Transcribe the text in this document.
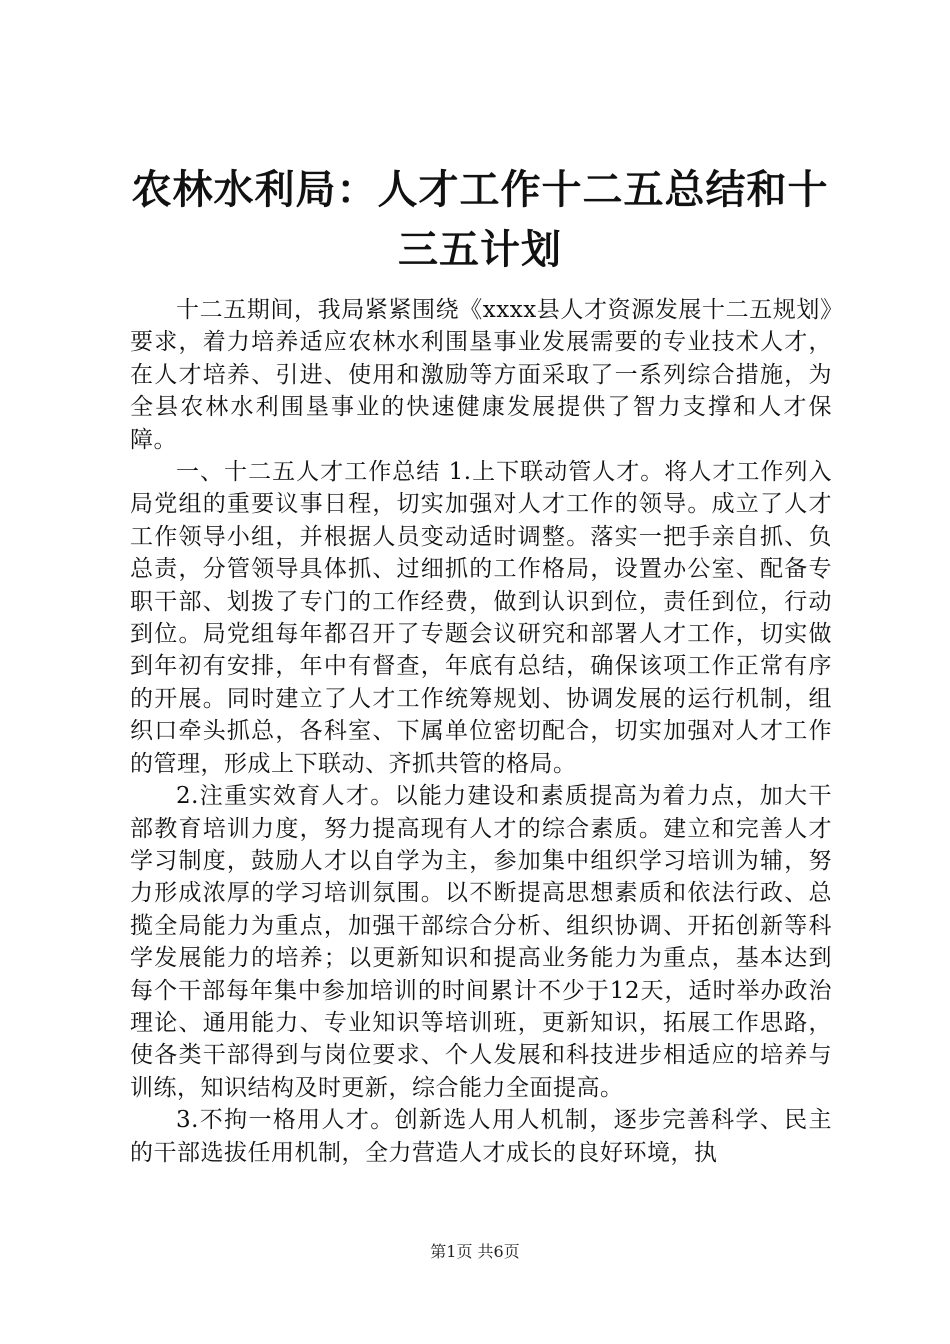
农林水利局：人才工作十二五总结和十三五计划

十二五期间，我局紧紧围绕《xxxx县人才资源发展十二五规划》要求，着力培养适应农林水利围垦事业发展需要的专业技术人才，在人才培养、引进、使用和激励等方面采取了一系列综合措施，为全县农林水利围垦事业的快速健康发展提供了智力支撑和人才保障。

一、十二五人才工作总结 1.上下联动管人才。将人才工作列入局党组的重要议事日程，切实加强对人才工作的领导。成立了人才工作领导小组，并根据人员变动适时调整。落实一把手亲自抓、负总责，分管领导具体抓、过细抓的工作格局，设置办公室、配备专职干部、划拨了专门的工作经费，做到认识到位，责任到位，行动到位。局党组每年都召开了专题会议研究和部署人才工作，切实做到年初有安排，年中有督查，年底有总结，确保该项工作正常有序的开展。同时建立了人才工作统筹规划、协调发展的运行机制，组织口牵头抓总，各科室、下属单位密切配合，切实加强对人才工作的管理，形成上下联动、齐抓共管的格局。

2.注重实效育人才。以能力建设和素质提高为着力点，加大干部教育培训力度，努力提高现有人才的综合素质。建立和完善人才学习制度，鼓励人才以自学为主，参加集中组织学习培训为辅，努力形成浓厚的学习培训氛围。以不断提高思想素质和依法行政、总揽全局能力为重点，加强干部综合分析、组织协调、开拓创新等科学发展能力的培养；以更新知识和提高业务能力为重点，基本达到每个干部每年集中参加培训的时间累计不少于12天，适时举办政治理论、通用能力、专业知识等培训班，更新知识，拓展工作思路，使各类干部得到与岗位要求、个人发展和科技进步相适应的培养与训练，知识结构及时更新，综合能力全面提高。

3.不拘一格用人才。创新选人用人机制，逐步完善科学、民主的干部选拔任用机制，全力营造人才成长的良好环境，执

第1页 共6页
